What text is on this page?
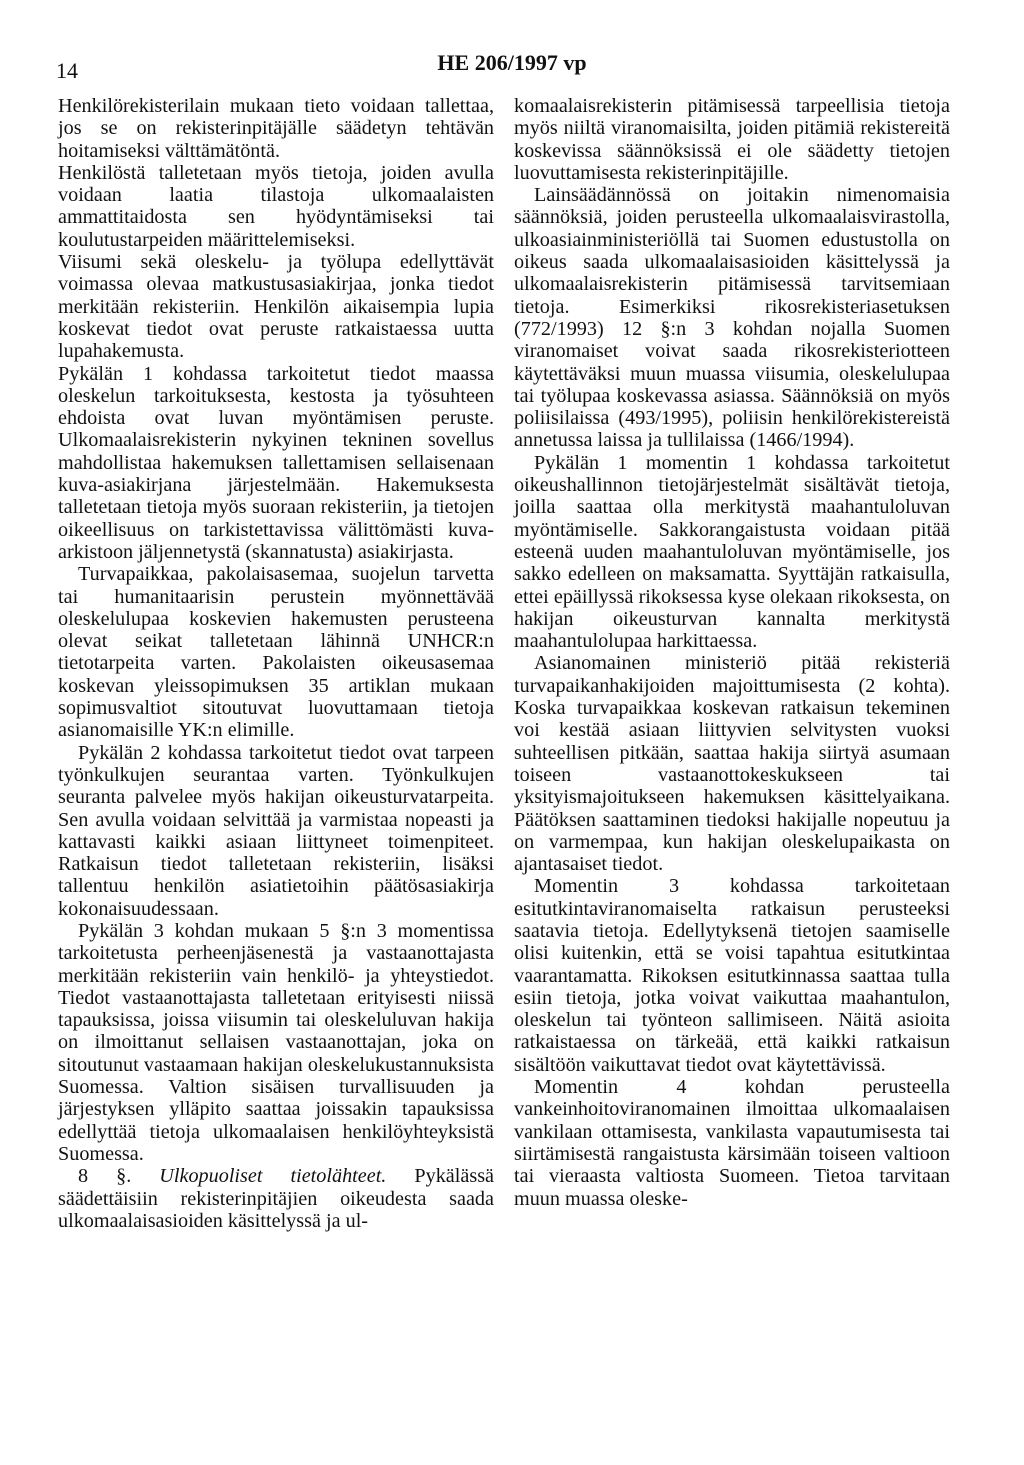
14	HE 206/1997 vp

Henkilörekisterilain mukaan tieto voidaan tallettaa, jos se on rekisterinpitäjälle säädetyn tehtävän hoitamiseksi välttämätöntä.

Henkilöstä talletetaan myös tietoja, joiden avulla voidaan laatia tilastoja ulkomaalaisten ammattitaidosta sen hyödyntämiseksi tai koulutustarpeiden määrittelemiseksi.

Viisumi sekä oleskelu- ja työlupa edellyttävät voimassa olevaa matkustusasiakirjaa, jonka tiedot merkitään rekisteriin. Henkilön aikaisempia lupia koskevat tiedot ovat peruste ratkaistaessa uutta lupahakemusta.

Pykälän 1 kohdassa tarkoitetut tiedot maassa oleskelun tarkoituksesta, kestosta ja työsuhteen ehdoista ovat luvan myöntämisen peruste. Ulkomaalaisrekisterin nykyinen tekninen sovellus mahdollistaa hakemuksen tallettamisen sellaisenaan kuva-asiakirjana järjestelmään. Hakemuksesta talletetaan tietoja myös suoraan rekisteriin, ja tietojen oikeellisuus on tarkistettavissa välittömästi kuva-arkistoon jäljennetystä (skannatusta) asiakirjasta.

Turvapaikkaa, pakolaisasemaa, suojelun tarvetta tai humanitaarisin perustein myönnettävää oleskelulupaa koskevien hakemusten perusteena olevat seikat talletetaan lähinnä UNHCR:n tietotarpeita varten. Pakolaisten oikeusasemaa koskevan yleissopimuksen 35 artiklan mukaan sopimusvaltiot sitoutuvat luovuttamaan tietoja asianomaisille YK:n elimille.

Pykälän 2 kohdassa tarkoitetut tiedot ovat tarpeen työnkulkujen seurantaa varten. Työnkulkujen seuranta palvelee myös hakijan oikeusturvatarpeita. Sen avulla voidaan selvittää ja varmistaa nopeasti ja kattavasti kaikki asiaan liittyneet toimenpiteet. Ratkaisun tiedot talletetaan rekisteriin, lisäksi tallentuu henkilön asiatietoihin päätösasiakirja kokonaisuudessaan.

Pykälän 3 kohdan mukaan 5 §:n 3 momentissa tarkoitetusta perheenjäsenestä ja vastaanottajasta merkitään rekisteriin vain henkilö- ja yhteystiedot. Tiedot vastaanottajasta talletetaan erityisesti niissä tapauksissa, joissa viisumin tai oleskeluluvan hakija on ilmoittanut sellaisen vastaanottajan, joka on sitoutunut vastaamaan hakijan oleskelukustannuksista Suomessa. Valtion sisäisen turvallisuuden ja järjestyksen ylläpito saattaa joissakin tapauksissa edellyttää tietoja ulkomaalaisen henkilöyhteyksistä Suomessa.

8 §. Ulkopuoliset tietolähteet. Pykälässä säädettäisiin rekisterinpitäjien oikeudesta saada ulkomaalaisasioiden käsittelyssä ja ul-

komaalaisrekisterin pitämisessä tarpeellisia tietoja myös niiltä viranomaisilta, joiden pitämiä rekistereitä koskevissa säännöksissä ei ole säädetty tietojen luovuttamisesta rekisterinpitäjille.

Lainsäädännössä on joitakin nimenomaisia säännöksiä, joiden perusteella ulkomaalaisvirastolla, ulkoasiainministeriöllä tai Suomen edustustolla on oikeus saada ulkomaalaisasioiden käsittelyssä ja ulkomaalaisrekisterin pitämisessä tarvitsemiaan tietoja. Esimerkiksi rikosrekisteriasetuksen (772/1993) 12 §:n 3 kohdan nojalla Suomen viranomaiset voivat saada rikosrekisteriotteen käytettäväksi muun muassa viisumia, oleskelulupaa tai työlupaa koskevassa asiassa. Säännöksiä on myös poliisilaissa (493/1995), poliisin henkilörekistereistä annetussa laissa ja tullilaissa (1466/1994).

Pykälän 1 momentin 1 kohdassa tarkoitetut oikeushallinnon tietojärjestelmät sisältävät tietoja, joilla saattaa olla merkitystä maahantuloluvan myöntämiselle. Sakkorangaistusta voidaan pitää esteenä uuden maahantuloluvan myöntämiselle, jos sakko edelleen on maksamatta. Syyttäjän ratkaisulla, ettei epäillyssä rikoksessa kyse olekaan rikoksesta, on hakijan oikeusturvan kannalta merkitystä maahantulolupaa harkittaessa.

Asianomainen ministeriö pitää rekisteriä turvapaikanhakijoiden majoittumisesta (2 kohta). Koska turvapaikkaa koskevan ratkaisun tekeminen voi kestää asiaan liittyvien selvitysten vuoksi suhteellisen pitkään, saattaa hakija siirtyä asumaan toiseen vastaanottokeskukseen tai yksityismajoitukseen hakemuksen käsittelyaikana. Päätöksen saattaminen tiedoksi hakijalle nopeutuu ja on varmempaa, kun hakijan oleskelupaikasta on ajantasaiset tiedot.

Momentin 3 kohdassa tarkoitetaan esitutkintaviranomaiselta ratkaisun perusteeksi saatavia tietoja. Edellytyksenä tietojen saamiselle olisi kuitenkin, että se voisi tapahtua esitutkintaa vaarantamatta. Rikoksen esitutkinnassa saattaa tulla esiin tietoja, jotka voivat vaikuttaa maahantulon, oleskelun tai työnteon sallimiseen. Näitä asioita ratkaistaessa on tärkeää, että kaikki ratkaisun sisältöön vaikuttavat tiedot ovat käytettävissä.

Momentin 4 kohdan perusteella vankeinhoitoviranomainen ilmoittaa ulkomaalaisen vankilaan ottamisesta, vankilasta vapautumisesta tai siirtämisestä rangaistusta kärsimään toiseen valtioon tai vieraasta valtiosta Suomeen. Tietoa tarvitaan muun muassa oleske-
